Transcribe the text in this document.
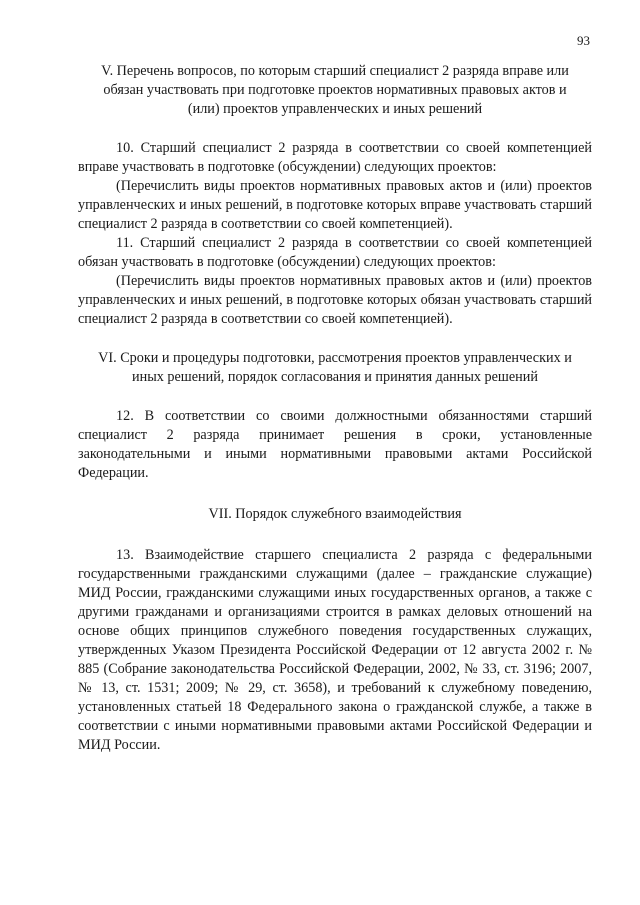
93

V. Перечень вопросов, по которым старший специалист 2 разряда вправе или обязан участвовать при подготовке проектов нормативных правовых актов и (или) проектов управленческих и иных решений

10. Старший специалист 2 разряда в соответствии со своей компетенцией вправе участвовать в подготовке (обсуждении) следующих проектов:

(Перечислить виды проектов нормативных правовых актов и (или) проектов управленческих и иных решений, в подготовке которых вправе участвовать старший специалист 2 разряда в соответствии со своей компетенцией).

11. Старший специалист 2 разряда в соответствии со своей компетенцией обязан участвовать в подготовке (обсуждении) следующих проектов:

(Перечислить виды проектов нормативных правовых актов и (или) проектов управленческих и иных решений, в подготовке которых обязан участвовать старший специалист 2 разряда в соответствии со своей компетенцией).

VI. Сроки и процедуры подготовки, рассмотрения проектов управленческих и иных решений, порядок согласования и принятия данных решений

12. В соответствии со своими должностными обязанностями старший специалист 2 разряда принимает решения в сроки, установленные законодательными и иными нормативными правовыми актами Российской Федерации.

VII. Порядок служебного взаимодействия

13. Взаимодействие старшего специалиста 2 разряда с федеральными государственными гражданскими служащими (далее – гражданские служащие) МИД России, гражданскими служащими иных государственных органов, а также с другими гражданами и организациями строится в рамках деловых отношений на основе общих принципов служебного поведения государственных служащих, утвержденных Указом Президента Российской Федерации от 12 августа 2002 г. № 885 (Собрание законодательства Российской Федерации, 2002, № 33, ст. 3196; 2007, № 13, ст. 1531; 2009; № 29, ст. 3658), и требований к служебному поведению, установленных статьей 18 Федерального закона о гражданской службе, а также в соответствии с иными нормативными правовыми актами Российской Федерации и МИД России.
